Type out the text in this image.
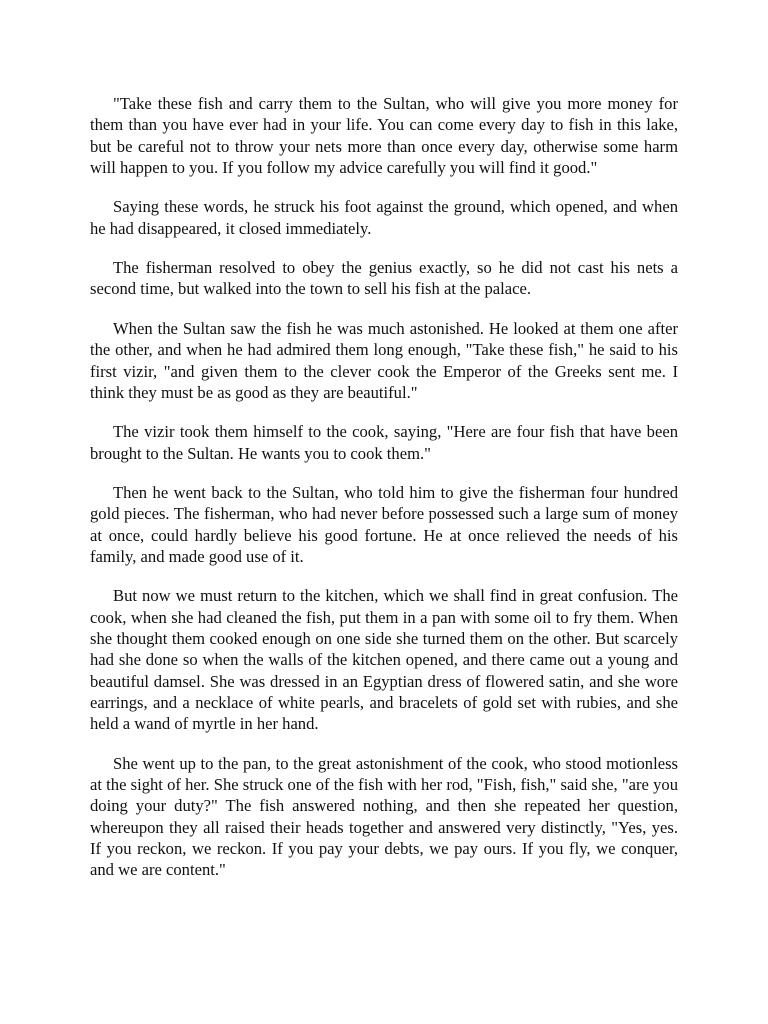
"Take these fish and carry them to the Sultan, who will give you more money for them than you have ever had in your life. You can come every day to fish in this lake, but be careful not to throw your nets more than once every day, otherwise some harm will happen to you. If you follow my advice carefully you will find it good."

Saying these words, he struck his foot against the ground, which opened, and when he had disappeared, it closed immediately.

The fisherman resolved to obey the genius exactly, so he did not cast his nets a second time, but walked into the town to sell his fish at the palace.

When the Sultan saw the fish he was much astonished. He looked at them one after the other, and when he had admired them long enough, "Take these fish," he said to his first vizir, "and given them to the clever cook the Emperor of the Greeks sent me. I think they must be as good as they are beautiful."

The vizir took them himself to the cook, saying, "Here are four fish that have been brought to the Sultan. He wants you to cook them."

Then he went back to the Sultan, who told him to give the fisherman four hundred gold pieces. The fisherman, who had never before possessed such a large sum of money at once, could hardly believe his good fortune. He at once relieved the needs of his family, and made good use of it.

But now we must return to the kitchen, which we shall find in great confusion. The cook, when she had cleaned the fish, put them in a pan with some oil to fry them. When she thought them cooked enough on one side she turned them on the other. But scarcely had she done so when the walls of the kitchen opened, and there came out a young and beautiful damsel. She was dressed in an Egyptian dress of flowered satin, and she wore earrings, and a necklace of white pearls, and bracelets of gold set with rubies, and she held a wand of myrtle in her hand.

She went up to the pan, to the great astonishment of the cook, who stood motionless at the sight of her. She struck one of the fish with her rod, "Fish, fish," said she, "are you doing your duty?" The fish answered nothing, and then she repeated her question, whereupon they all raised their heads together and answered very distinctly, "Yes, yes. If you reckon, we reckon. If you pay your debts, we pay ours. If you fly, we conquer, and we are content."
